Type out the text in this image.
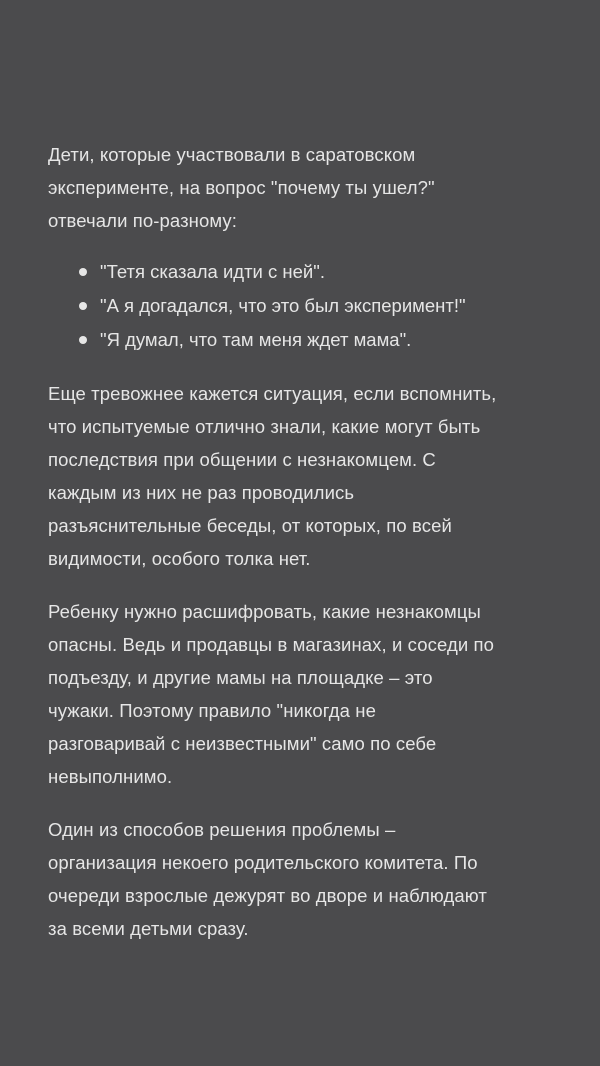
Дети, которые участвовали в саратовском
эксперименте, на вопрос "почему ты ушел?"
отвечали по-разному:

"Тетя сказала идти с ней".
"А я догадался, что это был эксперимент!"
"Я думал, что там меня ждет мама".

Еще тревожнее кажется ситуация, если вспомнить,
что испытуемые отлично знали, какие могут быть
последствия при общении с незнакомцем. С
каждым из них не раз проводились
разъяснительные беседы, от которых, по всей
видимости, особого толка нет.

Ребенку нужно расшифровать, какие незнакомцы
опасны. Ведь и продавцы в магазинах, и соседи по
подъезду, и другие мамы на площадке – это
чужаки. Поэтому правило "никогда не
разговаривай с неизвестными" само по себе
невыполнимо.

Один из способов решения проблемы –
организация некоего родительского комитета. По
очереди взрослые дежурят во дворе и наблюдают
за всеми детьми сразу.
